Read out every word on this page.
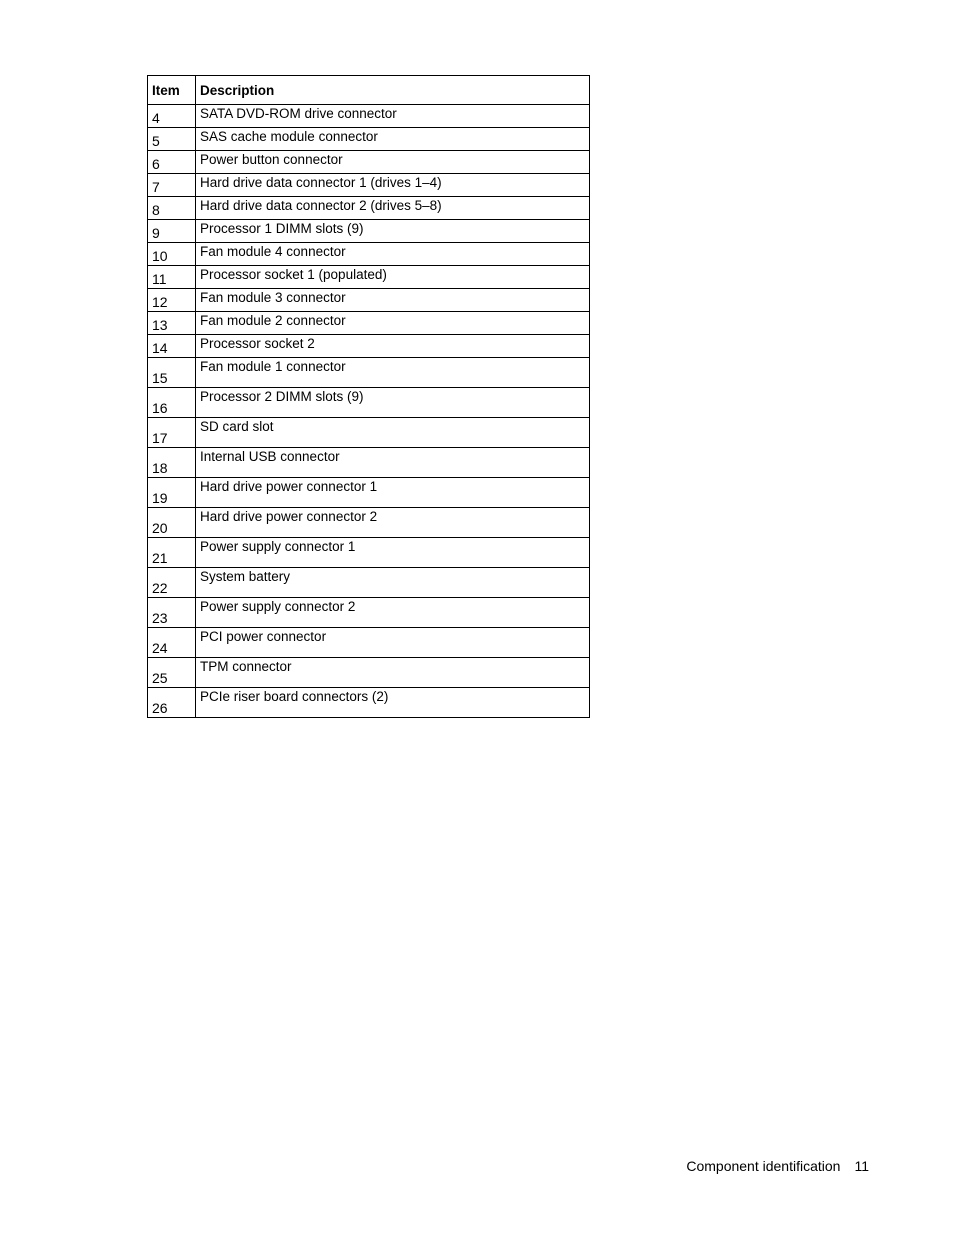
Item	Description
4	SATA DVD-ROM drive connector
5	SAS cache module connector
6	Power button connector
7	Hard drive data connector 1 (drives 1–4)
8	Hard drive data connector 2 (drives 5–8)
9	Processor 1 DIMM slots (9)
10	Fan module 4 connector
11	Processor socket 1 (populated)
12	Fan module 3 connector
13	Fan module 2 connector
14	Processor socket 2
15	Fan module 1 connector
16	Processor 2 DIMM slots (9)
17	SD card slot
18	Internal USB connector
19	Hard drive power connector 1
20	Hard drive power connector 2
21	Power supply connector 1
22	System battery
23	Power supply connector 2
24	PCI power connector
25	TPM connector
26	PCIe riser board connectors (2)
Component identification 11
